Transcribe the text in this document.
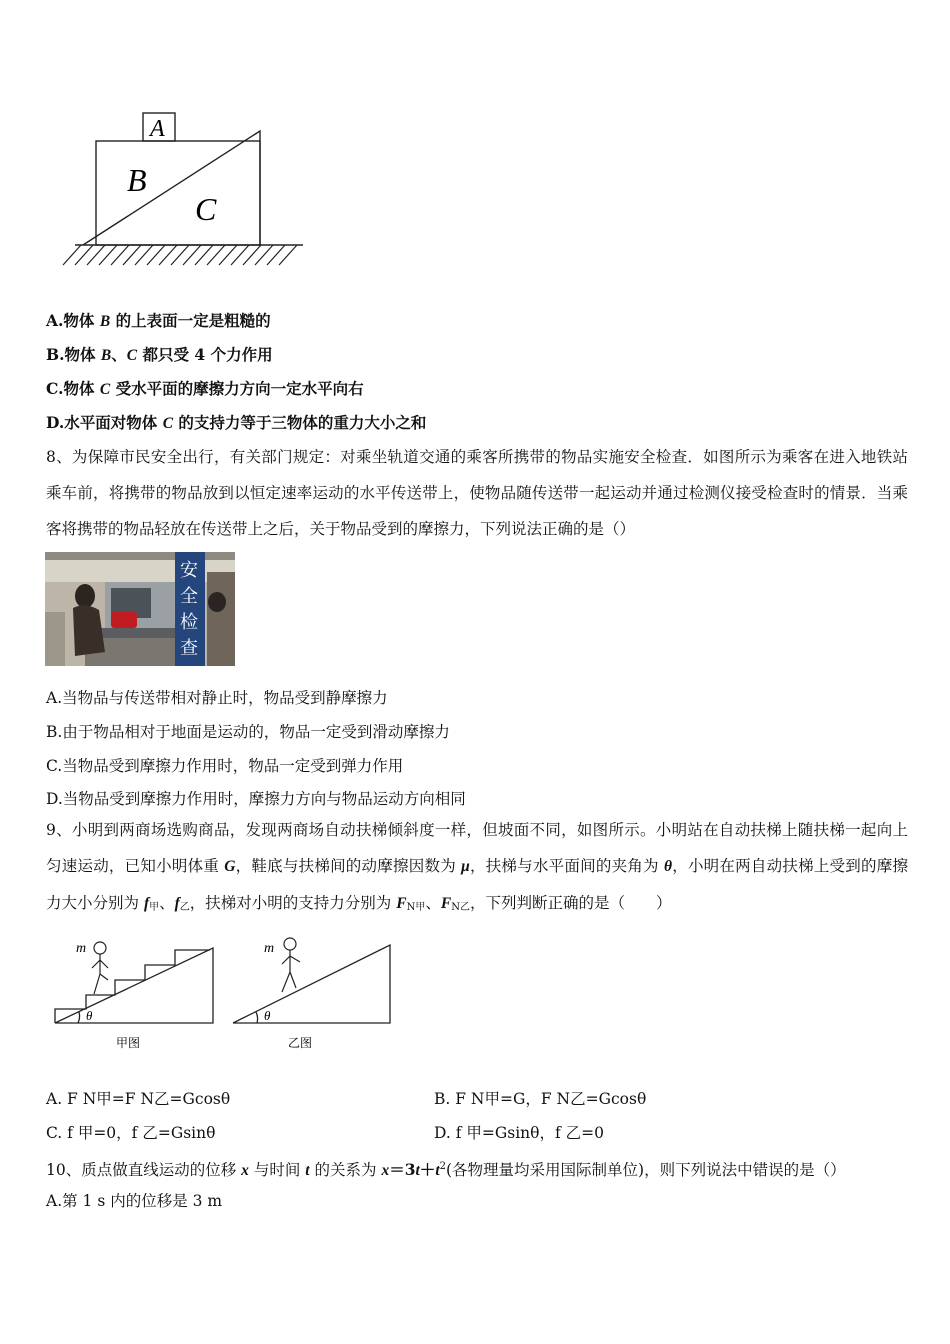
A
B
C
A.物体 B 的上表面一定是粗糙的
B.物体 B、C 都只受 4 个力作用
C.物体 C 受水平面的摩擦力方向一定水平向右
D.水平面对物体 C 的支持力等于三物体的重力大小之和
8、为保障市民安全出行，有关部门规定：对乘坐轨道交通的乘客所携带的物品实施安全检查．如图所示为乘客在进入地铁站乘车前，将携带的物品放到以恒定速率运动的水平传送带上，使物品随传送带一起运动并通过检测仪接受检查时的情景．当乘客将携带的物品轻放在传送带上之后，关于物品受到的摩擦力，下列说法正确的是（）
安全检查
A.当物品与传送带相对静止时，物品受到静摩擦力
B.由于物品相对于地面是运动的，物品一定受到滑动摩擦力
C.当物品受到摩擦力作用时，物品一定受到弹力作用
D.当物品受到摩擦力作用时，摩擦力方向与物品运动方向相同
9、小明到两商场选购商品，发现两商场自动扶梯倾斜度一样，但坡面不同，如图所示。小明站在自动扶梯上随扶梯一起向上匀速运动，已知小明体重 G，鞋底与扶梯间的动摩擦因数为 μ，扶梯与水平面间的夹角为 θ，小明在两自动扶梯上受到的摩擦力大小分别为 $f_甲$、$f_乙$，扶梯对小明的支持力分别为 $F_{N甲}$、$F_{N乙}$，下列判断正确的是（　　）
m	m
θ	θ
甲图	乙图
A. F N甲=F N乙=Gcosθ	B. F N甲=G，F N乙=Gcosθ
C. f 甲=0，f 乙=Gsinθ	D. f 甲=Gsinθ，f 乙=0
10、质点做直线运动的位移 x 与时间 t 的关系为 $x=3t+t^2$(各物理量均采用国际制单位)，则下列说法中错误的是（）
A.第 1 s 内的位移是 3 m
